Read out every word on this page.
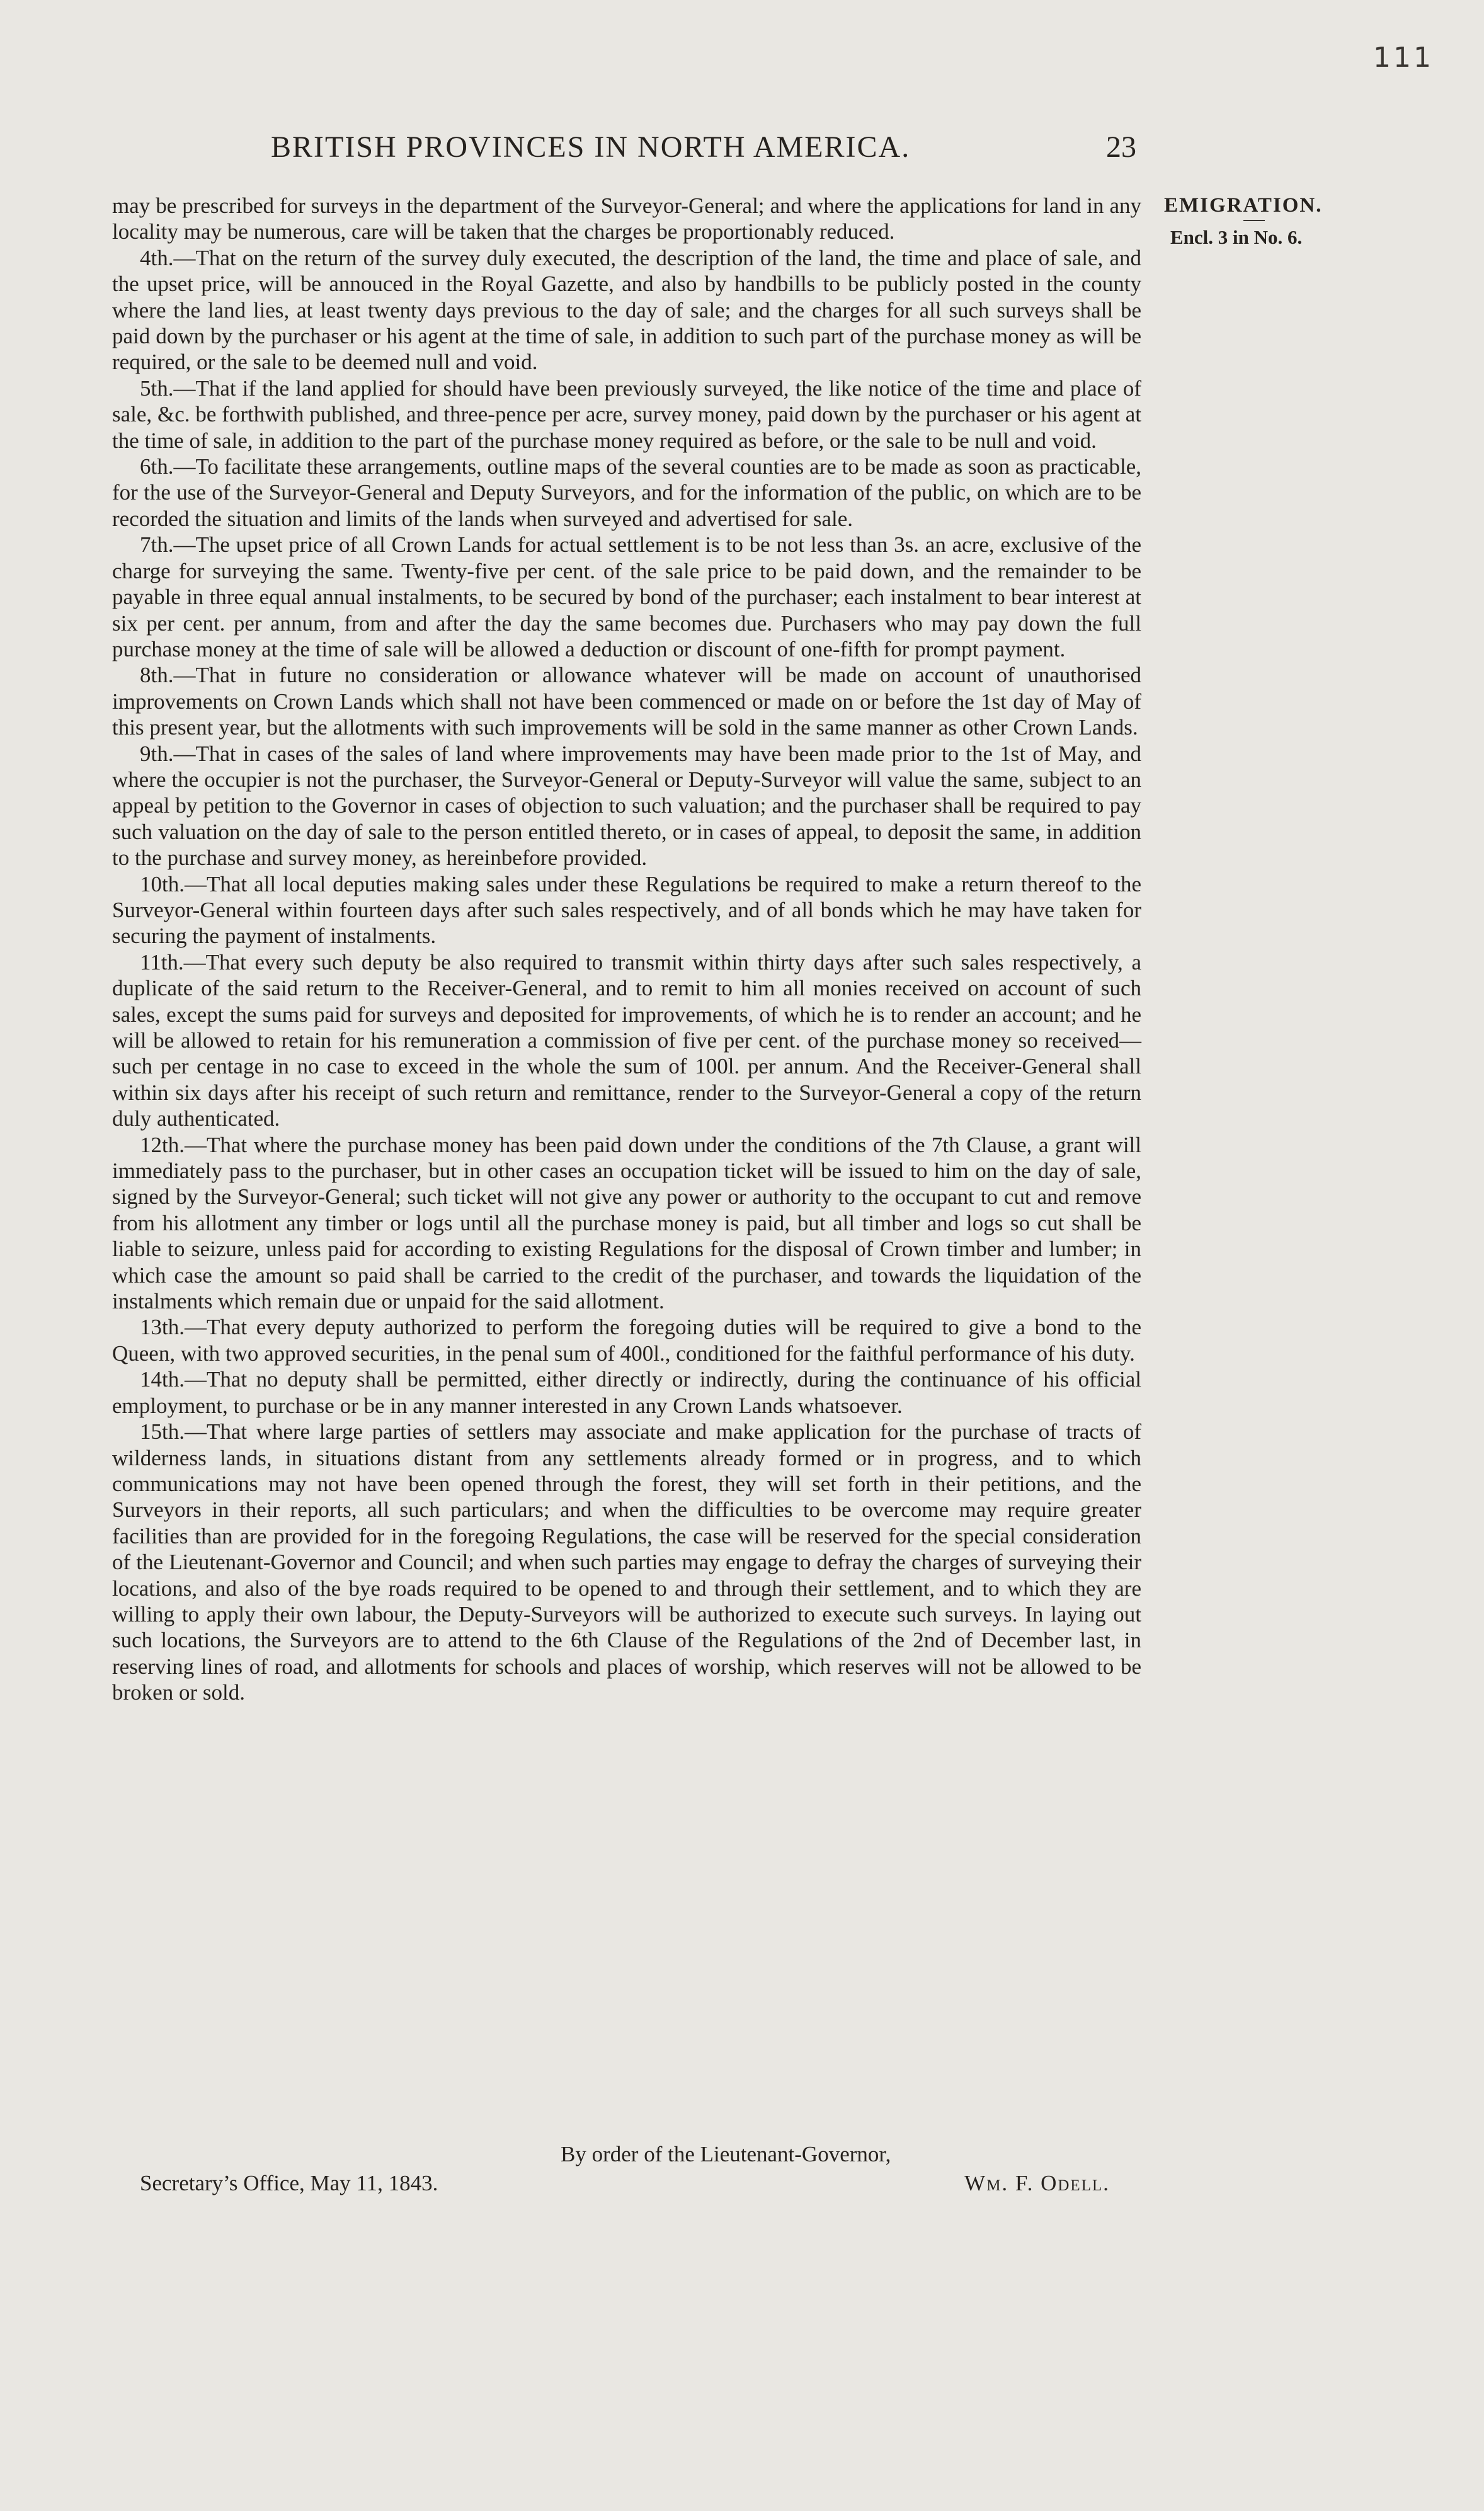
111
BRITISH PROVINCES IN NORTH AMERICA.	23
EMIGRATION.
Encl. 3 in No. 6.

may be prescribed for surveys in the department of the Surveyor-General; and where the applications for land in any locality may be numerous, care will be taken that the charges be proportionably reduced.

4th.—That on the return of the survey duly executed, the description of the land, the time and place of sale, and the upset price, will be annouced in the Royal Gazette, and also by handbills to be publicly posted in the county where the land lies, at least twenty days previous to the day of sale; and the charges for all such surveys shall be paid down by the purchaser or his agent at the time of sale, in addition to such part of the purchase money as will be required, or the sale to be deemed null and void.

5th.—That if the land applied for should have been previously surveyed, the like notice of the time and place of sale, &c. be forthwith published, and three-pence per acre, survey money, paid down by the purchaser or his agent at the time of sale, in addition to the part of the purchase money required as before, or the sale to be null and void.

6th.—To facilitate these arrangements, outline maps of the several counties are to be made as soon as practicable, for the use of the Surveyor-General and Deputy Surveyors, and for the information of the public, on which are to be recorded the situation and limits of the lands when surveyed and advertised for sale.

7th.—The upset price of all Crown Lands for actual settlement is to be not less than 3s. an acre, exclusive of the charge for surveying the same. Twenty-five per cent. of the sale price to be paid down, and the remainder to be payable in three equal annual instalments, to be secured by bond of the purchaser; each instalment to bear interest at six per cent. per annum, from and after the day the same becomes due. Purchasers who may pay down the full purchase money at the time of sale will be allowed a deduction or discount of one-fifth for prompt payment.

8th.—That in future no consideration or allowance whatever will be made on account of unauthorised improvements on Crown Lands which shall not have been commenced or made on or before the 1st day of May of this present year, but the allotments with such improvements will be sold in the same manner as other Crown Lands.

9th.—That in cases of the sales of land where improvements may have been made prior to the 1st of May, and where the occupier is not the purchaser, the Surveyor-General or Deputy-Surveyor will value the same, subject to an appeal by petition to the Governor in cases of objection to such valuation; and the purchaser shall be required to pay such valuation on the day of sale to the person entitled thereto, or in cases of appeal, to deposit the same, in addition to the purchase and survey money, as hereinbefore provided.

10th.—That all local deputies making sales under these Regulations be required to make a return thereof to the Surveyor-General within fourteen days after such sales respectively, and of all bonds which he may have taken for securing the payment of instalments.

11th.—That every such deputy be also required to transmit within thirty days after such sales respectively, a duplicate of the said return to the Receiver-General, and to remit to him all monies received on account of such sales, except the sums paid for surveys and deposited for improvements, of which he is to render an account; and he will be allowed to retain for his remuneration a commission of five per cent. of the purchase money so received—such per centage in no case to exceed in the whole the sum of 100l. per annum. And the Receiver-General shall within six days after his receipt of such return and remittance, render to the Surveyor-General a copy of the return duly authenticated.

12th.—That where the purchase money has been paid down under the conditions of the 7th Clause, a grant will immediately pass to the purchaser, but in other cases an occupation ticket will be issued to him on the day of sale, signed by the Surveyor-General; such ticket will not give any power or authority to the occupant to cut and remove from his allotment any timber or logs until all the purchase money is paid, but all timber and logs so cut shall be liable to seizure, unless paid for according to existing Regulations for the disposal of Crown timber and lumber; in which case the amount so paid shall be carried to the credit of the purchaser, and towards the liquidation of the instalments which remain due or unpaid for the said allotment.

13th.—That every deputy authorized to perform the foregoing duties will be required to give a bond to the Queen, with two approved securities, in the penal sum of 400l., conditioned for the faithful performance of his duty.

14th.—That no deputy shall be permitted, either directly or indirectly, during the continuance of his official employment, to purchase or be in any manner interested in any Crown Lands whatsoever.

15th.—That where large parties of settlers may associate and make application for the purchase of tracts of wilderness lands, in situations distant from any settlements already formed or in progress, and to which communications may not have been opened through the forest, they will set forth in their petitions, and the Surveyors in their reports, all such particulars; and when the difficulties to be overcome may require greater facilities than are provided for in the foregoing Regulations, the case will be reserved for the special consideration of the Lieutenant-Governor and Council; and when such parties may engage to defray the charges of surveying their locations, and also of the bye roads required to be opened to and through their settlement, and to which they are willing to apply their own labour, the Deputy-Surveyors will be authorized to execute such surveys. In laying out such locations, the Surveyors are to attend to the 6th Clause of the Regulations of the 2nd of December last, in reserving lines of road, and allotments for schools and places of worship, which reserves will not be allowed to be broken or sold.

By order of the Lieutenant-Governor,
Secretary’s Office, May 11, 1843.	Wm. F. Odell.
